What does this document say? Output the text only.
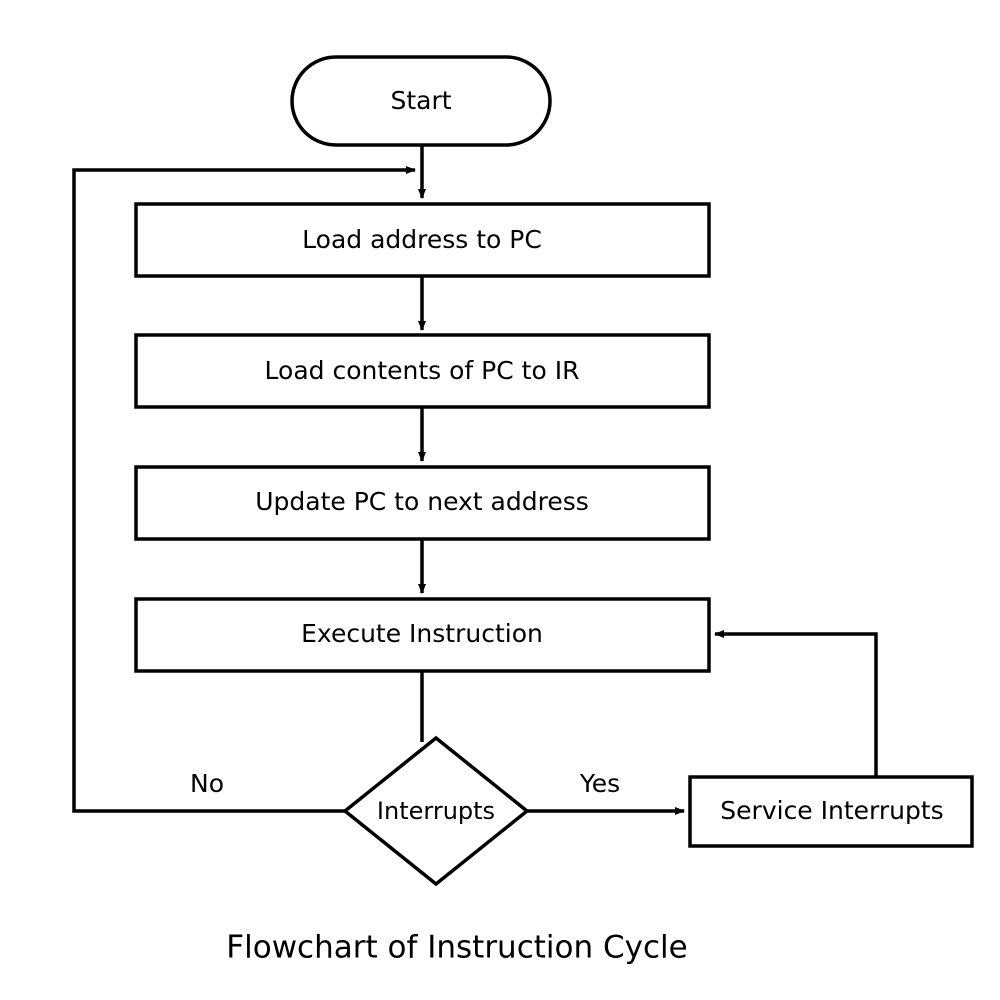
Start
Load address to PC
Load contents of PC to IR
Update PC to next address
Execute Instruction
Interrupts	Service Interrupts
No	Yes
Flowchart of Instruction Cycle
